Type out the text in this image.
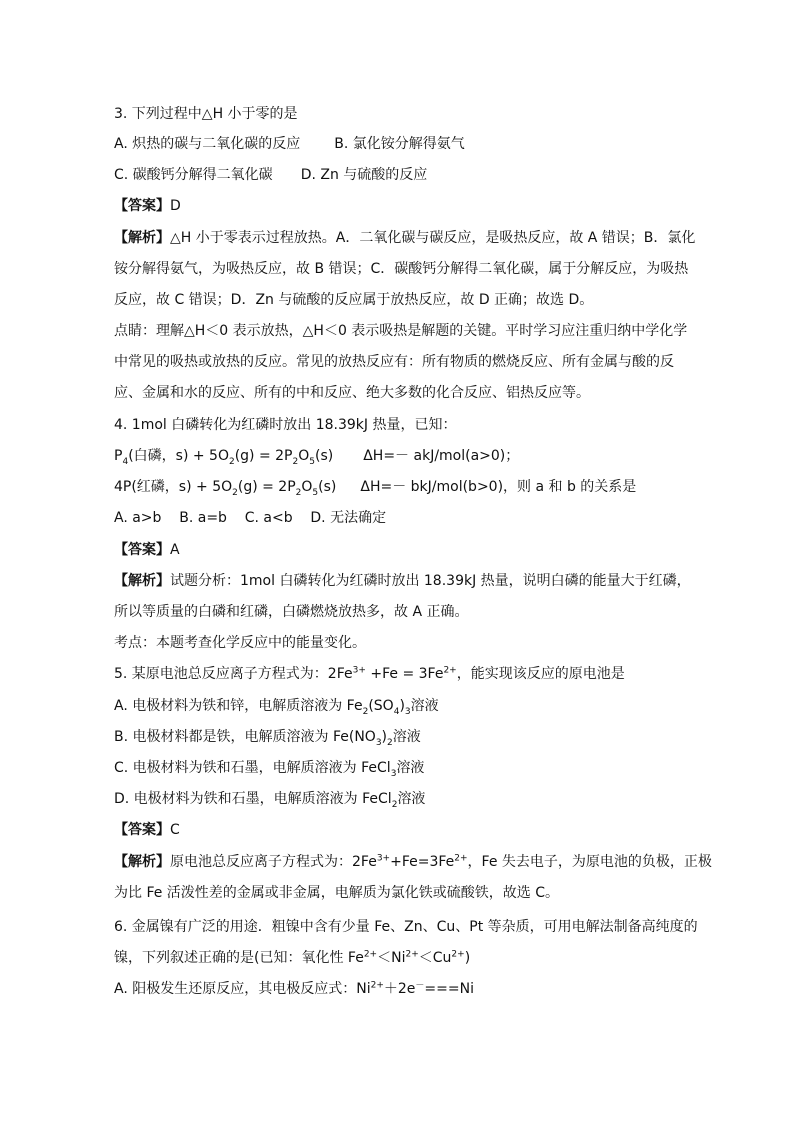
3. 下列过程中△H 小于零的是
A. 炽热的碳与二氧化碳的反应 B. 氯化铵分解得氨气
C. 碳酸钙分解得二氧化碳 D. Zn 与硫酸的反应
【答案】D
【解析】△H 小于零表示过程放热。A．二氧化碳与碳反应，是吸热反应，故 A 错误；B．氯化
铵分解得氨气，为吸热反应，故 B 错误；C．碳酸钙分解得二氧化碳，属于分解反应，为吸热
反应，故 C 错误；D．Zn 与硫酸的反应属于放热反应，故 D 正确；故选 D。
点睛：理解△H＜0 表示放热，△H＜0 表示吸热是解题的关键。平时学习应注重归纳中学化学
中常见的吸热或放热的反应。常见的放热反应有：所有物质的燃烧反应、所有金属与酸的反
应、金属和水的反应、所有的中和反应、绝大多数的化合反应、铝热反应等。
4. 1mol 白磷转化为红磷时放出 18.39kJ 热量，已知：
$P_4$(白磷，$s) + 5O_2(g) = 2P_2O_5(s)$ ΔH=－ akJ/mol(a>0)；
4P(红磷，$s) + 5O_2(g) = 2P_2O_5(s)$ ΔH=－ bkJ/mol(b>0)，则 a 和 b 的关系是
A. a>b    B. a=b    C. a<b    D. 无法确定
【答案】A
【解析】试题分析：1mol 白磷转化为红磷时放出 18.39kJ 热量，说明白磷的能量大于红磷，
所以等质量的白磷和红磷，白磷燃烧放热多，故 A 正确。
考点：本题考查化学反应中的能量变化。
5. 某原电池总反应离子方程式为：$2Fe^{3+} +Fe = 3Fe^{2+}$，能实现该反应的原电池是
A. 电极材料为铁和锌，电解质溶液为 $Fe_2(SO_4)_3$溶液
B. 电极材料都是铁，电解质溶液为 $Fe(NO_3)_2$溶液
C. 电极材料为铁和石墨，电解质溶液为 FeCl$_3$溶液
D. 电极材料为铁和石墨，电解质溶液为 FeCl$_2$溶液
【答案】C
【解析】原电池总反应离子方程式为：$2Fe^{3+}+Fe=3Fe^{2+}$，Fe 失去电子，为原电池的负极，正极
为比 Fe 活泼性差的金属或非金属，电解质为氯化铁或硫酸铁，故选 C。
6. 金属镍有广泛的用途．粗镍中含有少量 Fe、Zn、Cu、Pt 等杂质，可用电解法制备高纯度的
镍，下列叙述正确的是(已知：氧化性 $Fe^{2+}<Ni^{2+}<Cu^{2+}$)
A. 阳极发生还原反应，其电极反应式：$Ni^{2+}+2e^-===Ni$
